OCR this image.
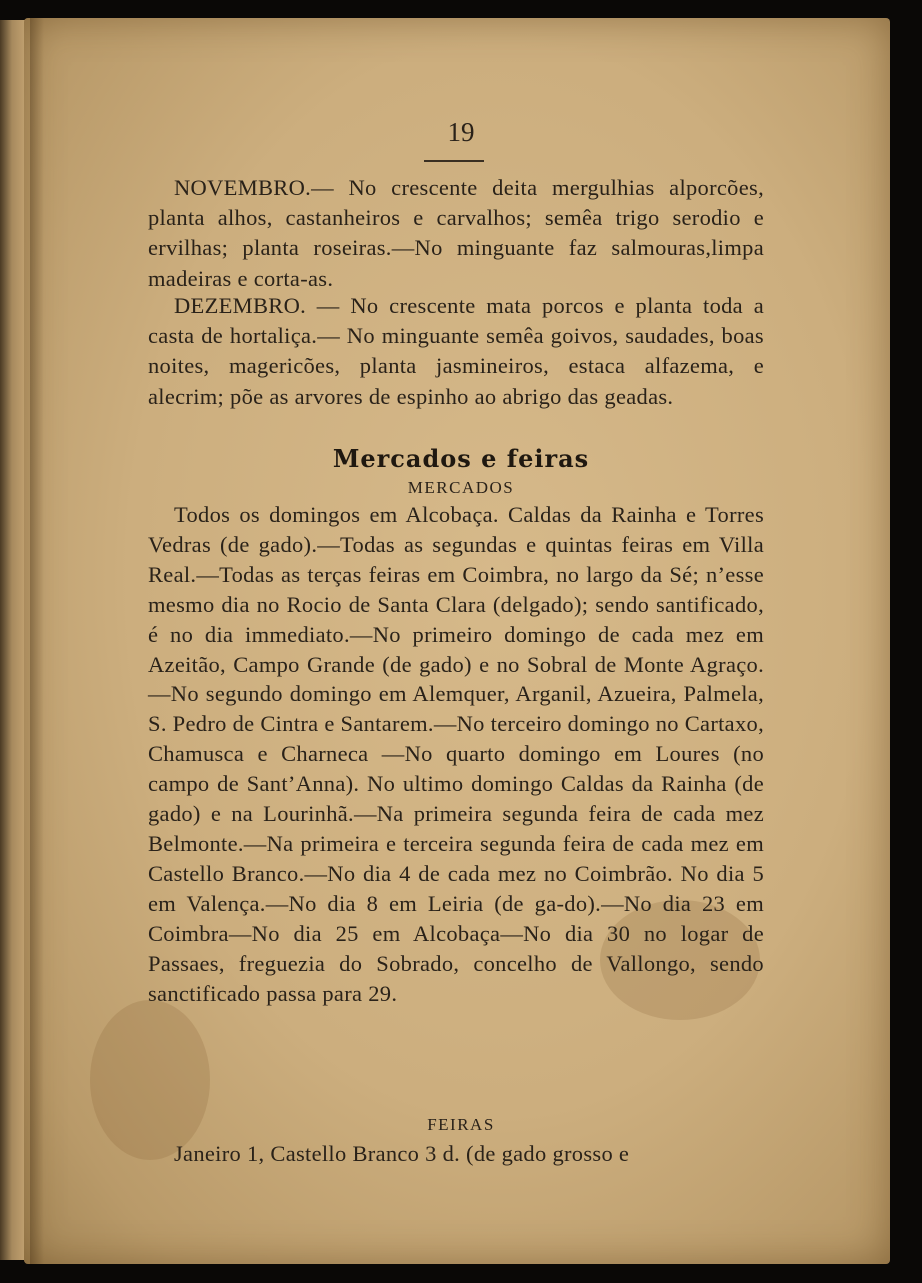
19
NOVEMBRO.— No crescente deita mergulhias alporcões, planta alhos, castanheiros e carvalhos; semêa trigo serodio e ervilhas; planta roseiras.—No minguante faz salmouras,limpa madeiras e corta-as.
DEZEMBRO. — No crescente mata porcos e planta toda a casta de hortaliça.— No minguante semêa goivos, saudades, boas noites, magericões, planta jasmineiros, estaca alfazema, e alecrim; põe as arvores de espinho ao abrigo das geadas.
Mercados e feiras
MERCADOS
Todos os domingos em Alcobaça. Caldas da Rainha e Torres Vedras (de gado).—Todas as segundas e quintas feiras em Villa Real.—Todas as terças feiras em Coimbra, no largo da Sé; n’esse mesmo dia no Rocio de Santa Clara (delgado); sendo santificado, é no dia immediato.—No primeiro domingo de cada mez em Azeitão, Campo Grande (de gado) e no Sobral de Monte Agraço.—No segundo domingo em Alemquer, Arganil, Azueira, Palmela, S. Pedro de Cintra e Santarem.—No terceiro domingo no Cartaxo, Chamusca e Charneca —No quarto domingo em Loures (no campo de Sant’Anna). No ultimo domingo Caldas da Rainha (de gado) e na Lourinhã.—Na primeira segunda feira de cada mez Belmonte.—Na primeira e terceira segunda feira de cada mez em Castello Branco.—No dia 4 de cada mez no Coimbrão. No dia 5 em Valença.—No dia 8 em Leiria (de ga-do).—No dia 23 em Coimbra—No dia 25 em Alcobaça—No dia 30 no logar de Passaes, freguezia do Sobrado, concelho de Vallongo, sendo sanctificado passa para 29.
FEIRAS
Janeiro 1, Castello Branco 3 d. (de gado grosso e
